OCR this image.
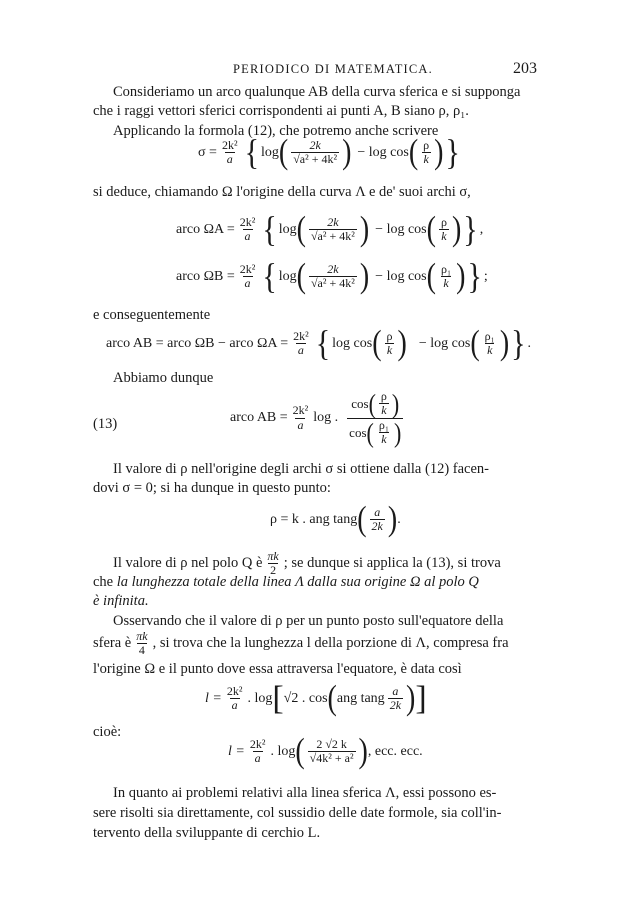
PERIODICO DI MATEMATICA.	203
Consideriamo un arco qualunque AB della curva sferica e si supponga
che i raggi vettori sferici corrispondenti ai punti A, B siano ρ, ρ₁.
Applicando la formola (12), che potremo anche scrivere
$\sigma = \frac{\text{2k²}}{a}$ { log ( $\frac{2k}{\text{√a² + 4k²}}$ ) − log cos ( $\frac{\rho}{k}$ ) }
si deduce, chiamando Ω l'origine della curva Λ e de' suoi archi σ,
arco $\Omega A = \frac{\text{2k²}}{a}$ { log ( $\frac{2k}{\text{√a² + 4k²}}$ ) − log cos ( $\frac{\rho}{k}$ ) } ,
arco $\Omega B = \frac{\text{2k²}}{a}$ { log ( $\frac{2k}{\text{√a² + 4k²}}$ ) − log cos ( $\frac{\text{ρ₁}}{k}$ ) } ;
e conseguentemente
arco AB = arco ΩB − arco $\Omega A = \frac{\text{2k²}}{a}$ { log cos ( $\frac{\rho}{k}$ ) − log cos ( $\frac{\text{ρ₁}}{k}$ ) } .
Abbiamo dunque
(13)	arco AB = $\frac{\text{2k²}}{a}$ log . $\frac{\cos ( \frac{\rho}{k} )}{\cos ( \frac{\text{ρ₁}}{k} )}$
Il valore di ρ nell'origine degli archi σ si ottiene dalla (12) facen-
dovi σ = 0; si ha dunque in questo punto:
ρ = k . ang tang ( $\frac{a}{2k}$ ) .
Il valore di ρ nel polo Q è $\frac{\pi k}{2}$ ; se dunque si applica la (13), si trova
che la lunghezza totale della linea Λ dalla sua origine Ω al polo Q
è infinita.
Osservando che il valore di ρ per un punto posto sull'equatore della
sfera è $\frac{\pi k}{4}$ , si trova che la lunghezza l della porzione di Λ, compresa fra
l'origine Ω e il punto dove essa attraversa l'equatore, è data così
$l = \frac{\text{2k²}}{a}$ . log [ √2 . cos ( ang tang $\frac{a}{2k}$ ) ]
cioè:
$l = \frac{\text{2k²}}{a}$ . log ( $\frac{2 √2 k}{\text{√4k² + a²}}$ ) , ecc. ecc.
In quanto ai problemi relativi alla linea sferica Λ, essi possono es-
sere risolti sia direttamente, col sussidio delle date formole, sia coll'in-
tervento della sviluppante di cerchio L.
